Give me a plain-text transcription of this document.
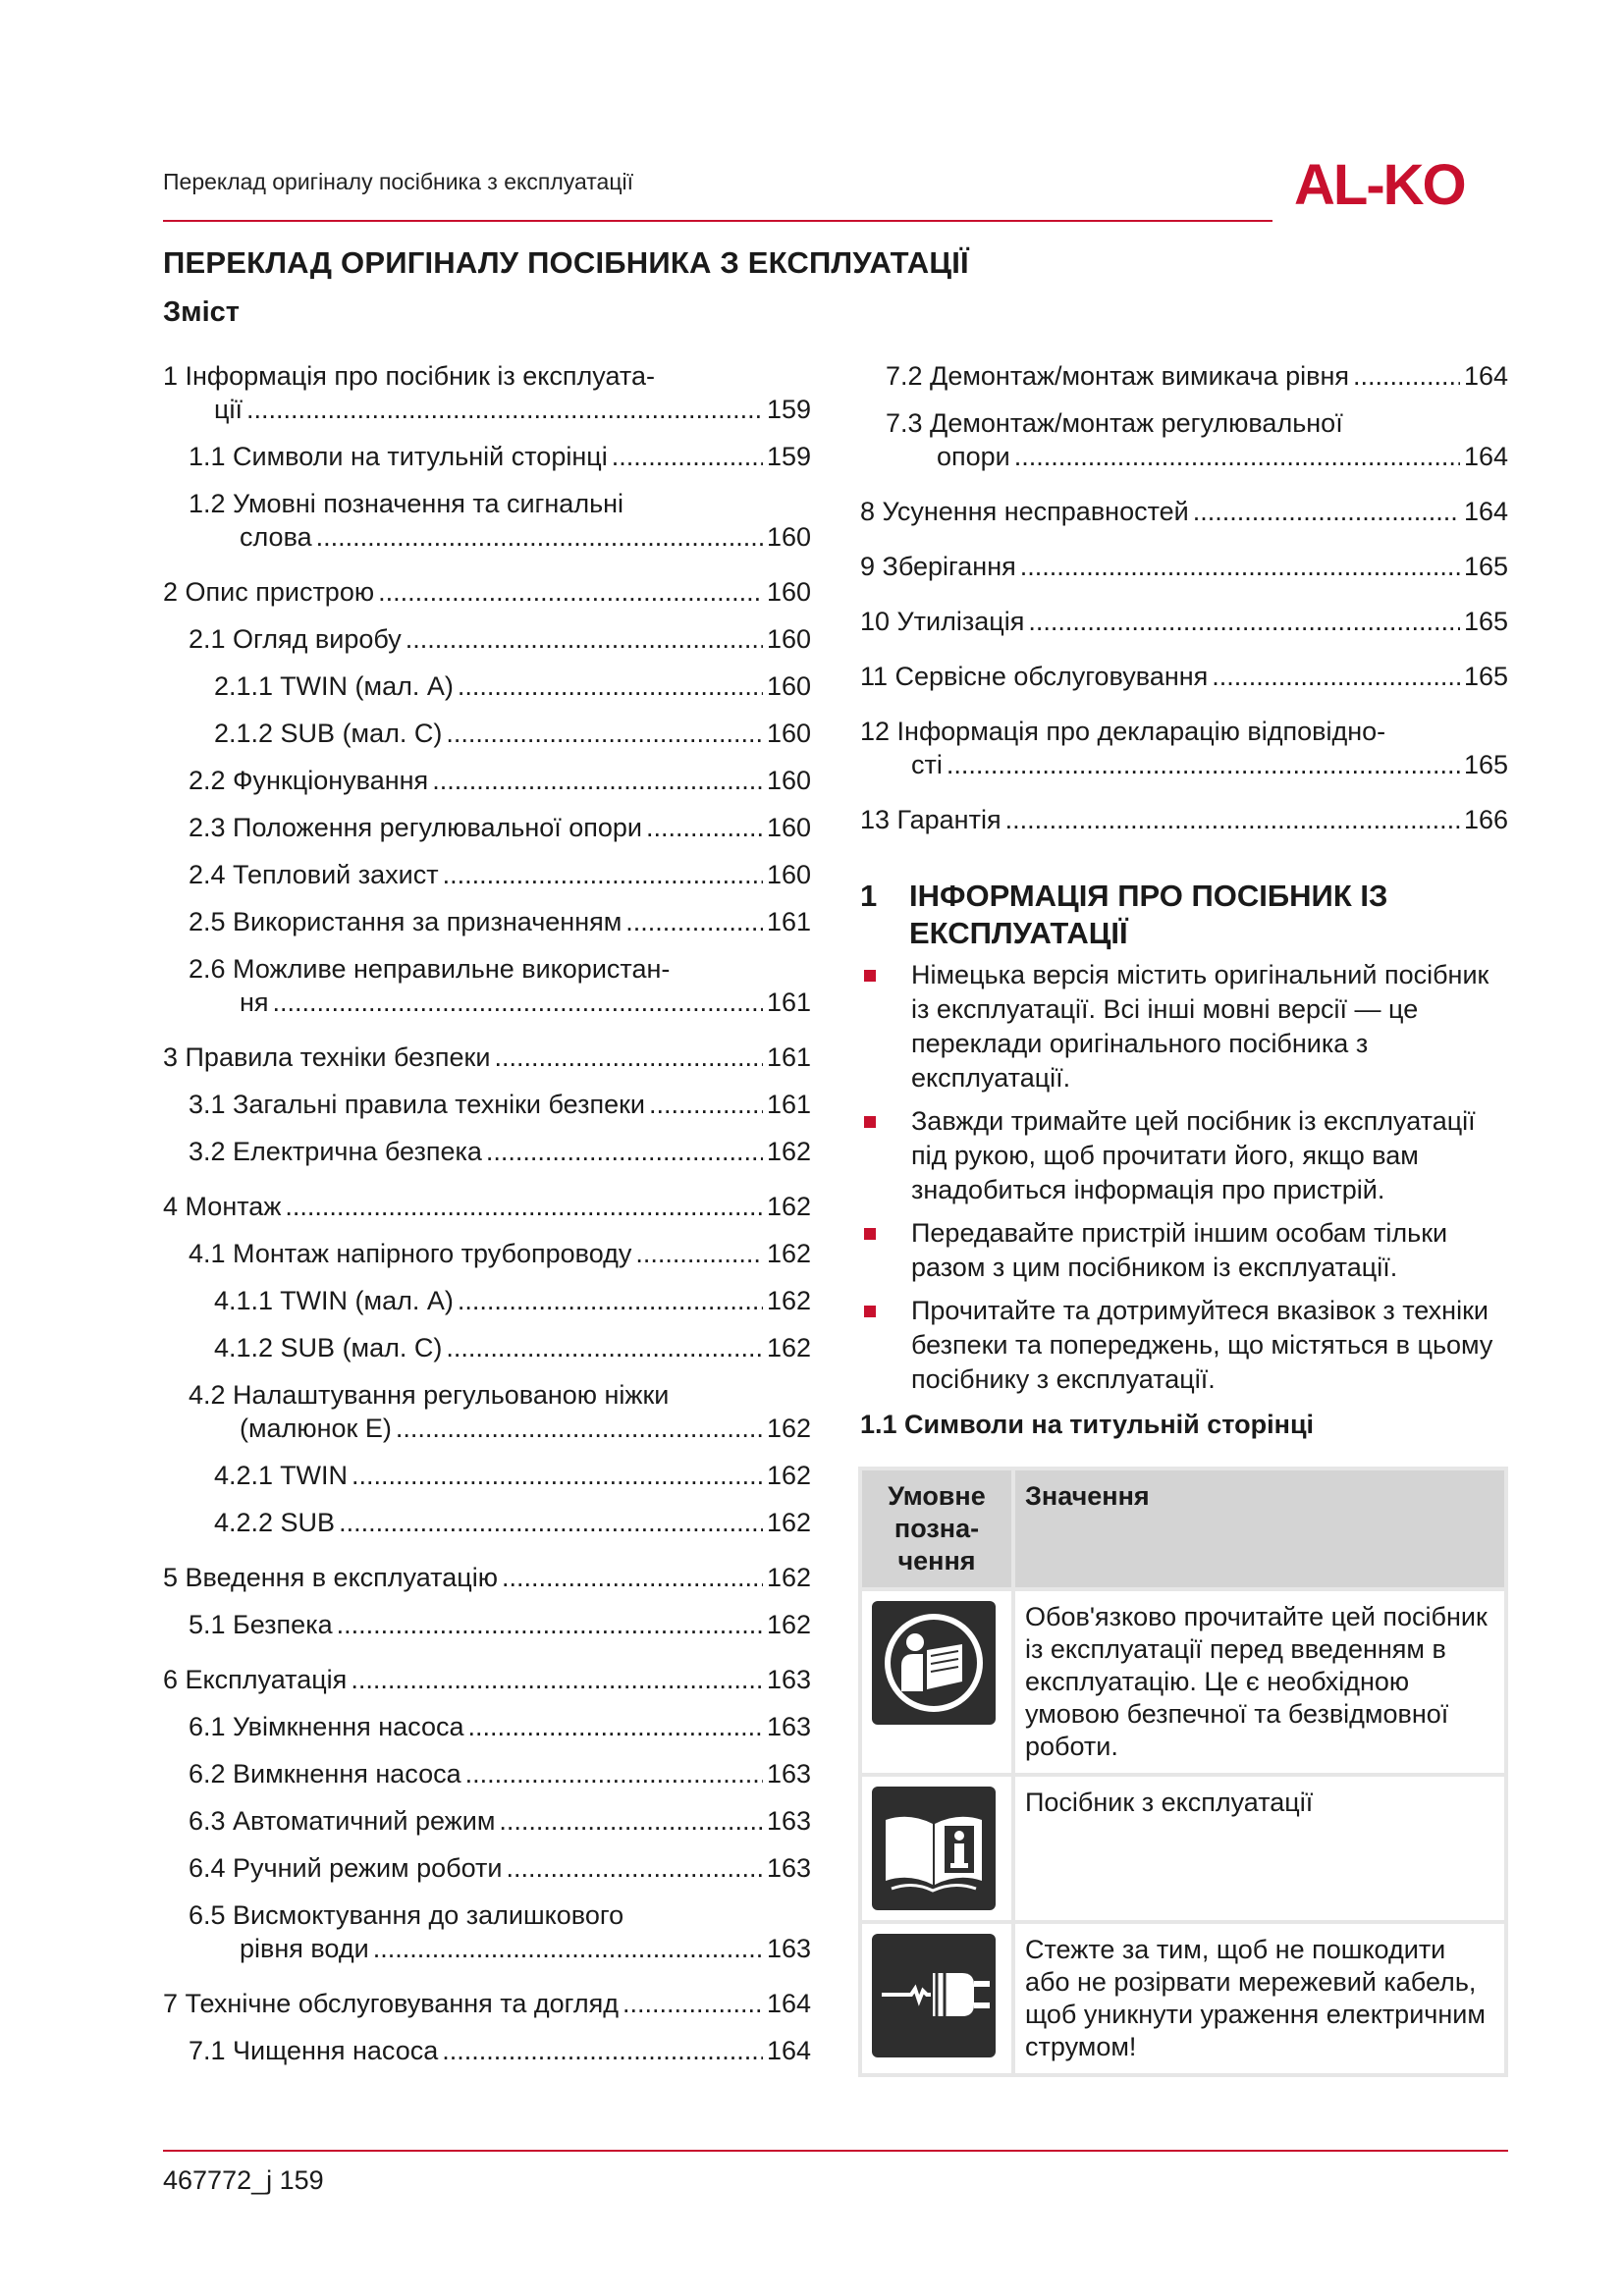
Переклад оригіналу посібника з експлуатації	AL-KO
ПЕРЕКЛАД ОРИГІНАЛУ ПОСІБНИКА З ЕКСПЛУАТАЦІЇ
Зміст
1 Інформація про посібник із експлуата-
ції .....	159
1.1 Символи на титульній сторінці .....	159
1.2 Умовні позначення та сигнальні
слова .....	160
2 Опис пристрою .....	160
2.1 Огляд виробу .....	160
2.1.1 TWIN (мал. A) .....	160
2.1.2 SUB (мал. C) .....	160
2.2 Функціонування .....	160
2.3 Положення регулювальної опори .....	160
2.4 Тепловий захист .....	160
2.5 Використання за призначенням .....	161
2.6 Можливе неправильне використан-
ня .....	161
3 Правила техніки безпеки .....	161
3.1 Загальні правила техніки безпеки .....	161
3.2 Електрична безпека .....	162
4 Монтаж .....	162
4.1 Монтаж напірного трубопроводу .....	162
4.1.1 TWIN (мал. A) .....	162
4.1.2 SUB (мал. C) .....	162
4.2 Налаштування регульованою ніжки
(малюнок E) .....	162
4.2.1 TWIN .....	162
4.2.2 SUB .....	162
5 Введення в експлуатацію .....	162
5.1 Безпека .....	162
6 Експлуатація .....	163
6.1 Увімкнення насоса .....	163
6.2 Вимкнення насоса .....	163
6.3 Автоматичний режим .....	163
6.4 Ручний режим роботи .....	163
6.5 Висмоктування до залишкового
рівня води .....	163
7 Технічне обслуговування та догляд .....	164
7.1 Чищення насоса .....	164
7.2 Демонтаж/монтаж вимикача рівня .....	164
7.3 Демонтаж/монтаж регулювальної
опори .....	164
8 Усунення несправностей .....	164
9 Зберігання .....	165
10 Утилізація .....	165
11 Сервісне обслуговування .....	165
12 Інформація про декларацію відповідно-
сті .....	165
13 Гарантія .....	166
1 ІНФОРМАЦІЯ ПРО ПОСІБНИК ІЗ
ЕКСПЛУАТАЦІЇ
Німецька версія містить оригінальний посібник із експлуатації. Всі інші мовні версії — це переклади оригінального посібника з експлуатації.
Завжди тримайте цей посібник із експлуатації під рукою, щоб прочитати його, якщо вам знадобиться інформація про пристрій.
Передавайте пристрій іншим особам тільки разом з цим посібником із експлуатації.
Прочитайте та дотримуйтеся вказівок з техніки безпеки та попереджень, що містяться в цьому посібнику з експлуатації.
1.1 Символи на титульній сторінці
Умовне позначення	Значення

	Обов'язково прочитайте цей посібник із експлуатації перед введенням в експлуатацію. Це є необхідною умовою безпечної та безвідмовної роботи.

	Посібник з експлуатації

	Стежте за тим, щоб не пошкодити або не розірвати мережевий кабель, щоб уникнути ураження електричним струмом!
467772_j 159
